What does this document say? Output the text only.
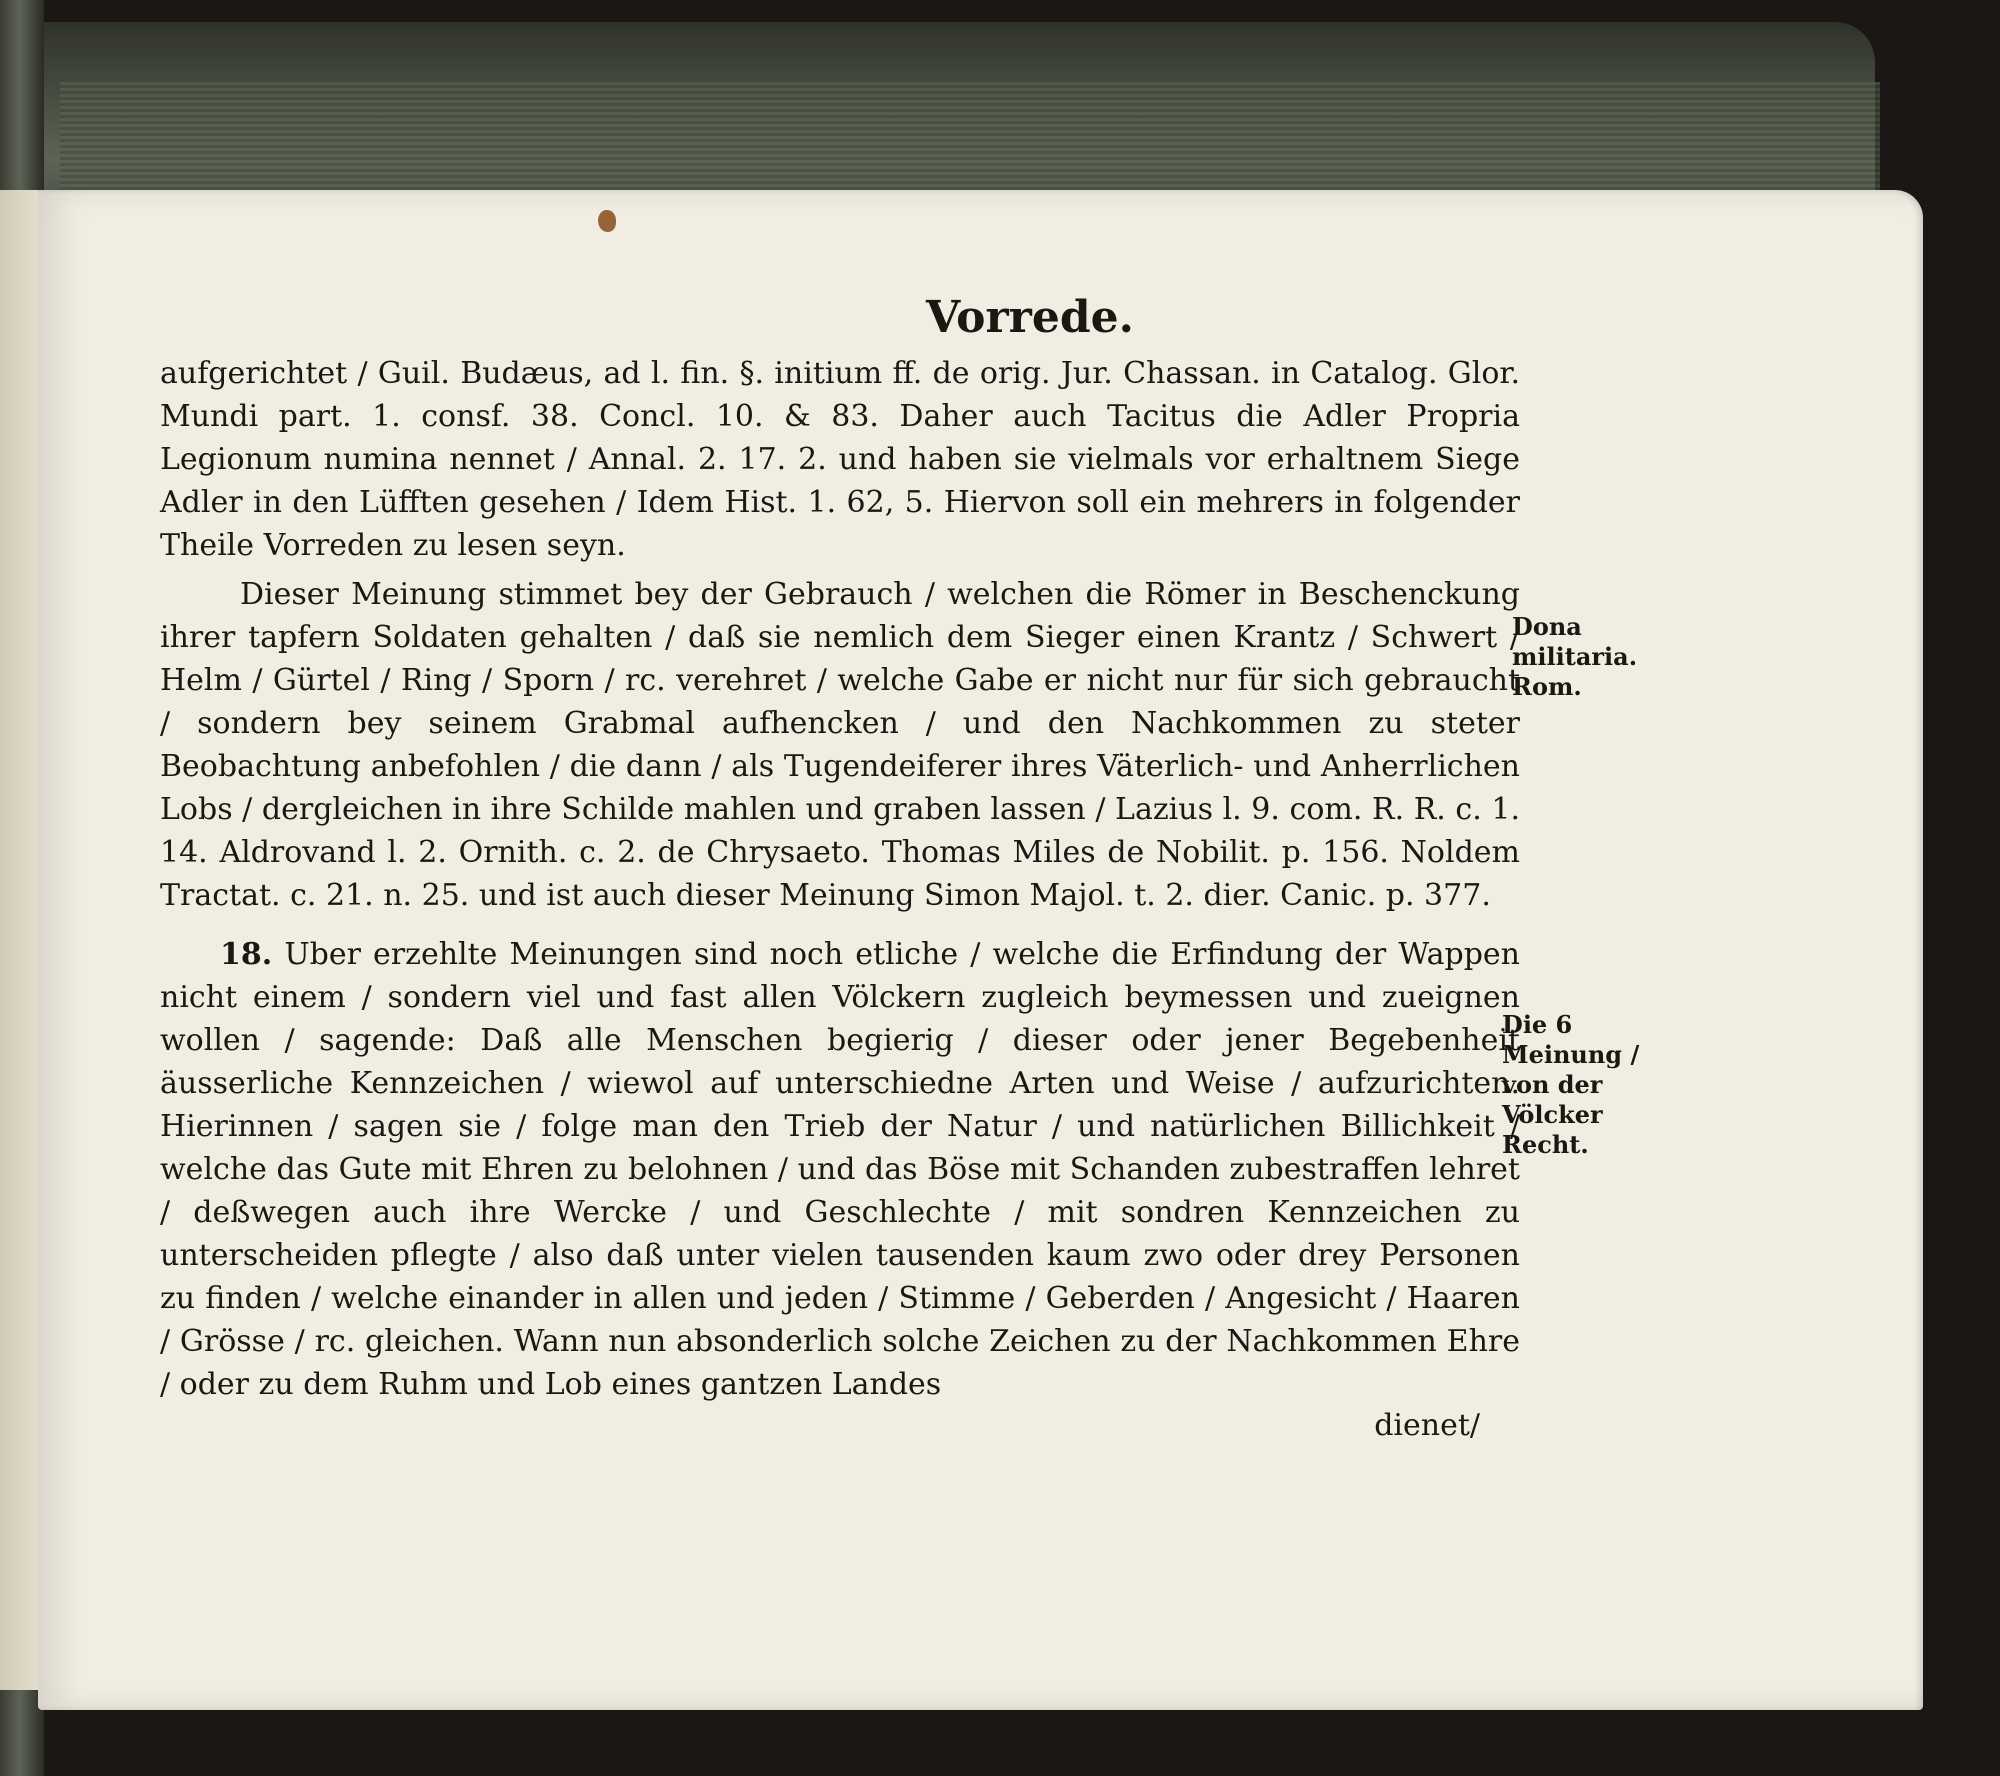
Vorrede.

aufgerichtet / Guil. Budæus, ad l. fin. §. initium ff. de orig. Jur. Chassan. in Catalog. Glor. Mundi part. 1. consf. 38. Concl. 10. & 83. Daher auch Tacitus die Adler Propria Legionum numina nennet / Annal. 2. 17. 2. und haben sie vielmals vor erhaltnem Siege Adler in den Lüfften gesehen / Idem Hist. 1. 62, 5. Hiervon soll ein mehrers in folgender Theile Vorreden zu lesen seyn.

Dieser Meinung stimmet bey der Gebrauch / welchen die Römer in Beschenckung ihrer tapfern Soldaten gehalten / daß sie nemlich dem Sieger einen Krantz / Schwert / Helm / Gürtel / Ring / Sporn / rc. verehret / welche Gabe er nicht nur für sich gebraucht / sondern bey seinem Grabmal aufhencken / und den Nachkommen zu steter Beobachtung anbefohlen / die dann / als Tugendeiferer ihres Väterlich- und Anherrlichen Lobs / dergleichen in ihre Schilde mahlen und graben lassen / Lazius l. 9. com. R. R. c. 1. 14. Aldrovand l. 2. Ornith. c. 2. de Chrysaeto. Thomas Miles de Nobilit. p. 156. Noldem Tractat. c. 21. n. 25. und ist auch dieser Meinung Simon Majol. t. 2. dier. Canic. p. 377.

18. Uber erzehlte Meinungen sind noch etliche / welche die Erfindung der Wappen nicht einem / sondern viel und fast allen Völckern zugleich beymessen und zueignen wollen / sagende: Daß alle Menschen begierig / dieser oder jener Begebenheit äusserliche Kennzeichen / wiewol auf unterschiedne Arten und Weise / aufzurichten. Hierinnen / sagen sie / folge man den Trieb der Natur / und natürlichen Billichkeit / welche das Gute mit Ehren zu belohnen / und das Böse mit Schanden zubestraffen lehret / deßwegen auch ihre Wercke / und Geschlechte / mit sondren Kennzeichen zu unterscheiden pflegte / also daß unter vielen tausenden kaum zwo oder drey Personen zu finden / welche einander in allen und jeden / Stimme / Geberden / Angesicht / Haaren / Grösse / rc. gleichen. Wann nun absonderlich solche Zeichen zu der Nachkommen Ehre / oder zu dem Ruhm und Lob eines gantzen Landes

dienet/
Dona militaria. Rom.
Die 6 Meinung / von der Völcker Recht.
